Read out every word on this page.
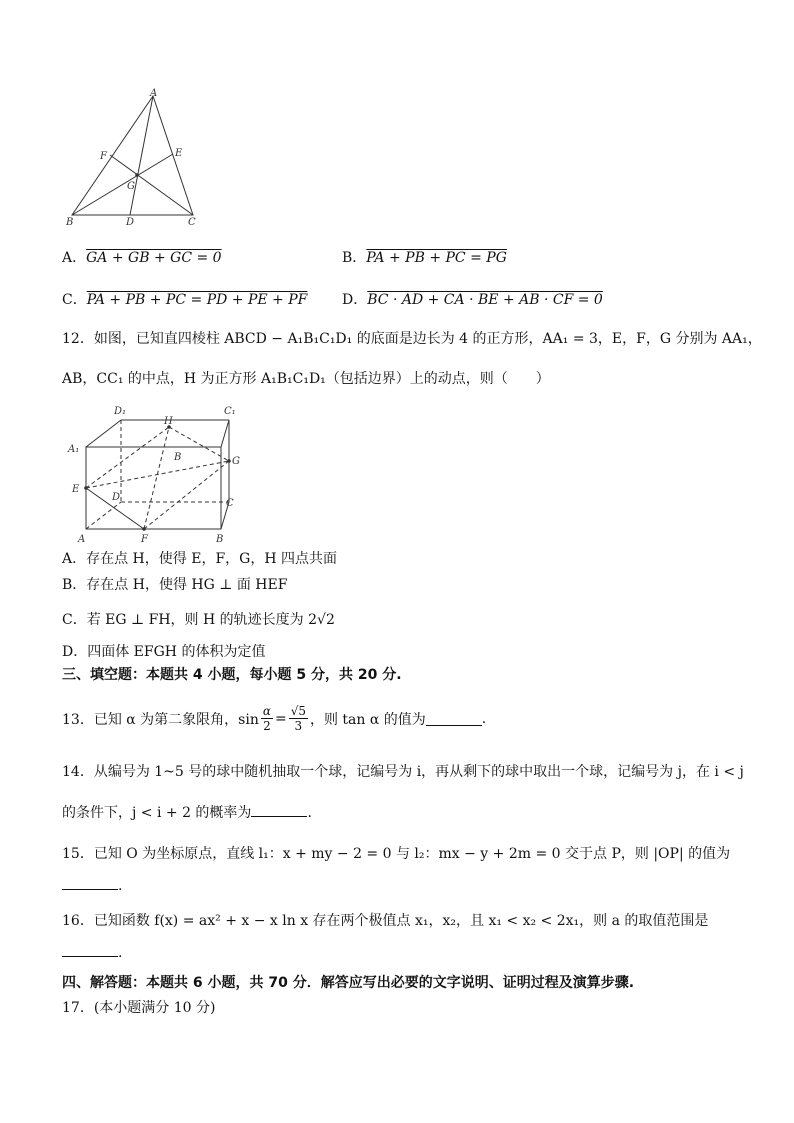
A
E
F
G
B	D	C
A．GA + GB + GC = 0	B．PA + PB + PC = PG
C．PA + PB + PC = PD + PE + PF D．BC · AD + CA · BE + AB · CF = 0
12．如图，已知直四棱柱 ABCD − A₁B₁C₁D₁ 的底面是边长为 4 的正方形，AA₁ = 3，E，F，G 分别为 AA₁，
AB，CC₁ 的中点，H 为正方形 A₁B₁C₁D₁（包括边界）上的动点，则（　　）
D₁	C₁
A₁
H
B	G
E
D
C
A	F	B
A．存在点 H，使得 E，F，G，H 四点共面
B．存在点 H，使得 HG ⊥ 面 HEF
C．若 EG ⊥ FH，则 H 的轨迹长度为 2√2
D．四面体 EFGH 的体积为定值
三、填空题：本题共 4 小题，每小题 5 分，共 20 分.
13．已知 α 为第二象限角，$\sin \frac{\alpha}{2} = \frac{√5}{3}$ ，则 tan α 的值为	.
14．从编号为 1~5 号的球中随机抽取一个球，记编号为 i，再从剩下的球中取出一个球，记编号为 j，在 i < j
的条件下，j < i + 2 的概率为	.
15．已知 O 为坐标原点，直线 l₁：x + my − 2 = 0 与 l₂：mx − y + 2m = 0 交于点 P，则 |OP| 的值为
.
16．已知函数 f(x) = ax² + x − x ln x 存在两个极值点 x₁，x₂，且 x₁ < x₂ < 2x₁，则 a 的取值范围是
.
四、解答题：本题共 6 小题，共 70 分．解答应写出必要的文字说明、证明过程及演算步骤.
17．(本小题满分 10 分)
